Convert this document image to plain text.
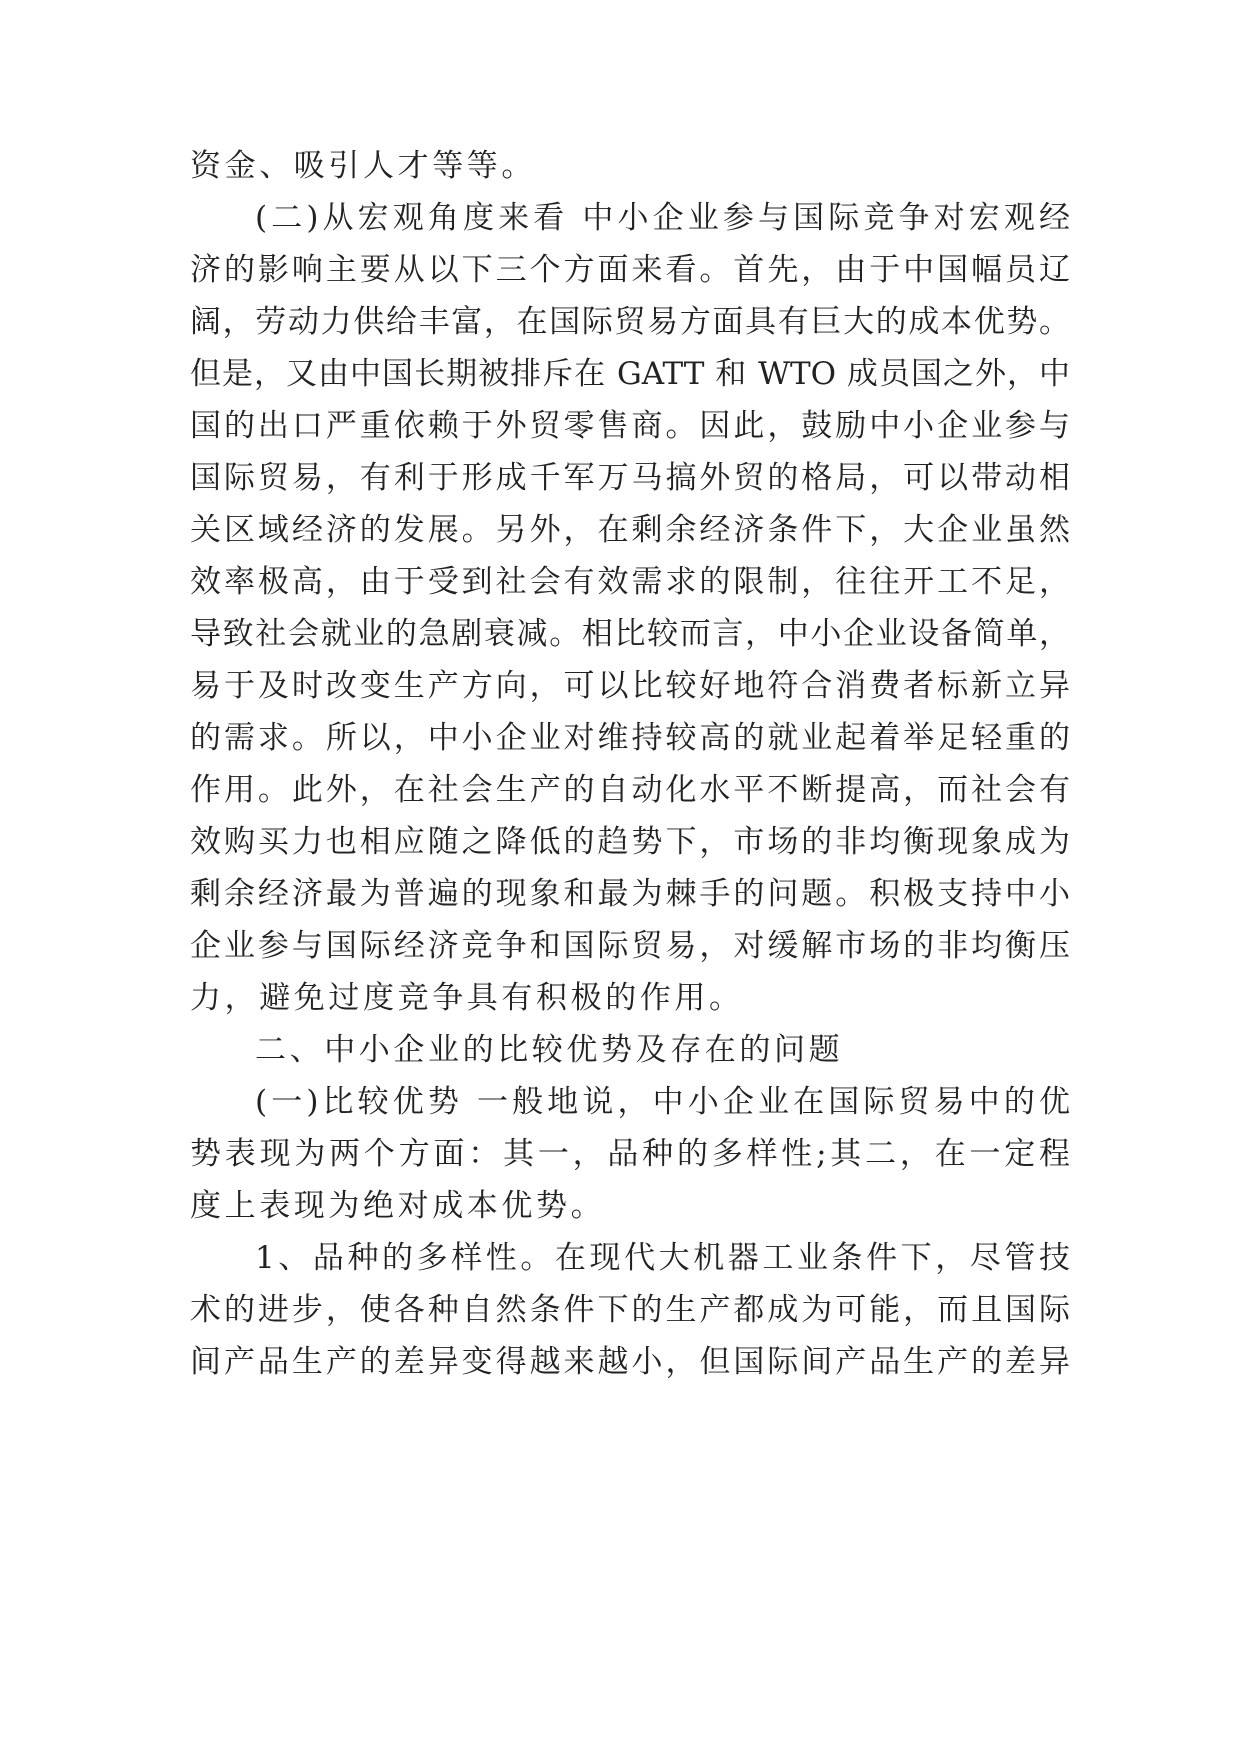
资金、吸引人才等等。

(二)从宏观角度来看 中小企业参与国际竞争对宏观经

济的影响主要从以下三个方面来看。首先，由于中国幅员辽

阔，劳动力供给丰富，在国际贸易方面具有巨大的成本优势。

但是，又由中国长期被排斥在 GATT 和 WTO 成员国之外，中

国的出口严重依赖于外贸零售商。因此，鼓励中小企业参与

国际贸易，有利于形成千军万马搞外贸的格局，可以带动相

关区域经济的发展。另外，在剩余经济条件下，大企业虽然

效率极高，由于受到社会有效需求的限制，往往开工不足，

导致社会就业的急剧衰减。相比较而言，中小企业设备简单，

易于及时改变生产方向，可以比较好地符合消费者标新立异

的需求。所以，中小企业对维持较高的就业起着举足轻重的

作用。此外，在社会生产的自动化水平不断提高，而社会有

效购买力也相应随之降低的趋势下，市场的非均衡现象成为

剩余经济最为普遍的现象和最为棘手的问题。积极支持中小

企业参与国际经济竞争和国际贸易，对缓解市场的非均衡压

力，避免过度竞争具有积极的作用。

二、中小企业的比较优势及存在的问题

(一)比较优势 一般地说，中小企业在国际贸易中的优

势表现为两个方面：其一，品种的多样性;其二，在一定程

度上表现为绝对成本优势。

1、品种的多样性。在现代大机器工业条件下，尽管技

术的进步，使各种自然条件下的生产都成为可能，而且国际

间产品生产的差异变得越来越小，但国际间产品生产的差异
